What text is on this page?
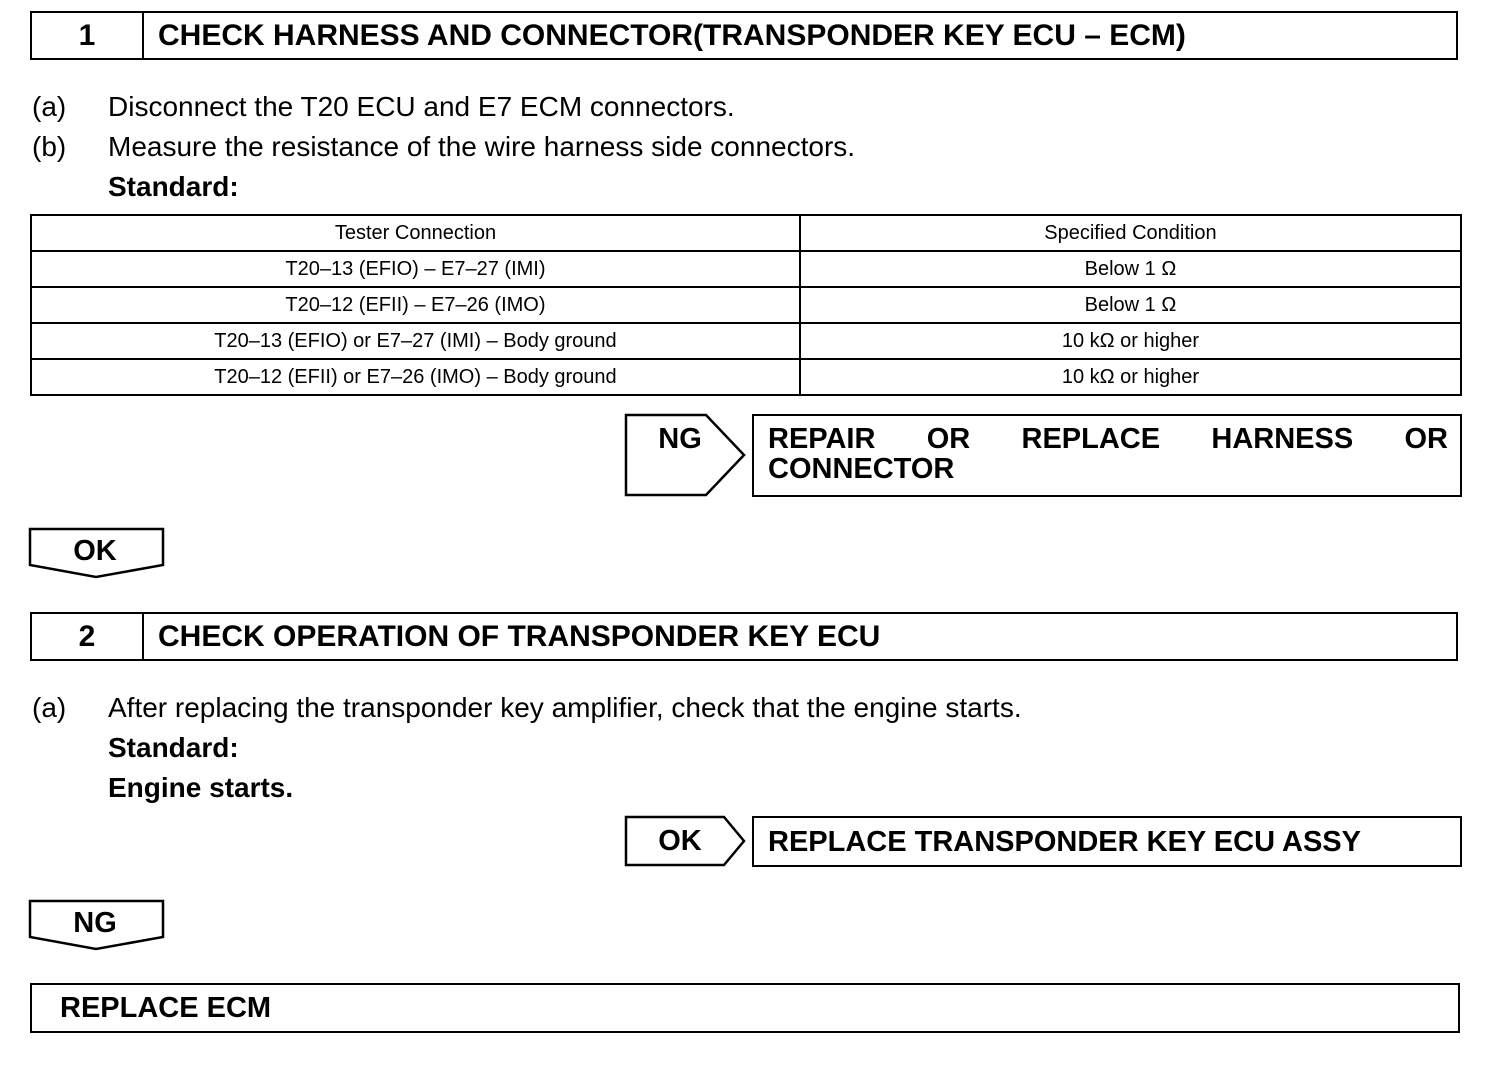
1	CHECK HARNESS AND CONNECTOR(TRANSPONDER KEY ECU – ECM)
(a) Disconnect the T20 ECU and E7 ECM connectors.
(b) Measure the resistance of the wire harness side connectors.
Standard:
Tester Connection	Specified Condition
T20–13 (EFIO) – E7–27 (IMI)	Below 1 Ω
T20–12 (EFII) – E7–26 (IMO)	Below 1 Ω
T20–13 (EFIO) or E7–27 (IMI) – Body ground	10 kΩ or higher
T20–12 (EFII) or E7–26 (IMO) – Body ground	10 kΩ or higher
NG	REPAIR OR REPLACE HARNESS OR
CONNECTOR
OK
2	CHECK OPERATION OF TRANSPONDER KEY ECU
(a) After replacing the transponder key amplifier, check that the engine starts.
Standard:
Engine starts.
OK	REPLACE TRANSPONDER KEY ECU ASSY
NG
REPLACE ECM
